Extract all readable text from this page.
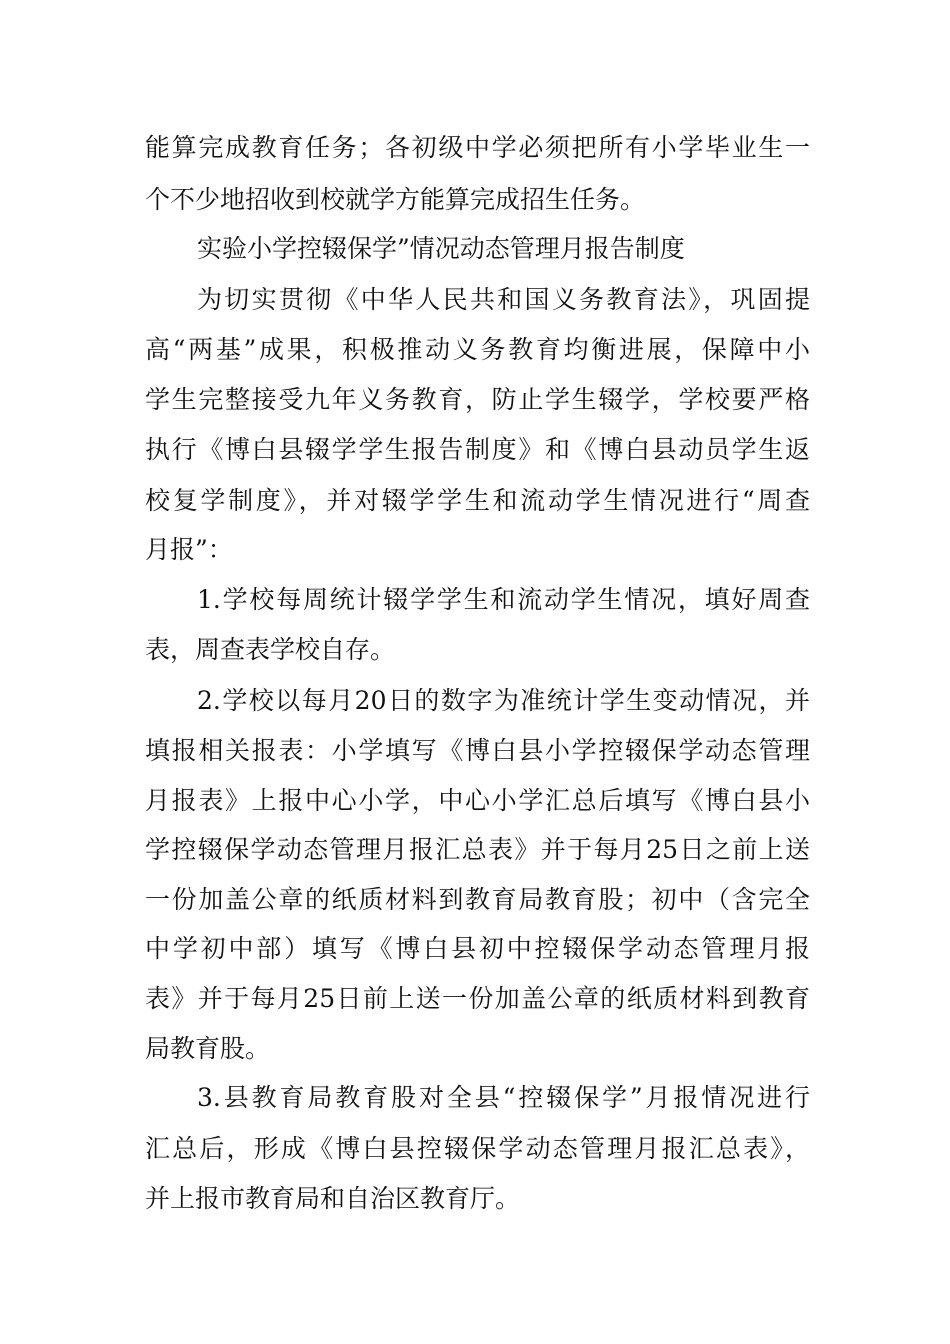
能算完成教育任务；各初级中学必须把所有小学毕业生一
个不少地招收到校就学方能算完成招生任务。
实验小学控辍保学”情况动态管理月报告制度
为切实贯彻《中华人民共和国义务教育法》，巩固提
高“两基”成果，积极推动义务教育均衡进展，保障中小
学生完整接受九年义务教育，防止学生辍学，学校要严格
执行《博白县辍学学生报告制度》和《博白县动员学生返
校复学制度》，并对辍学学生和流动学生情况进行“周查
月报”：
1.学校每周统计辍学学生和流动学生情况，填好周查
表，周查表学校自存。
2.学校以每月20日的数字为准统计学生变动情况，并
填报相关报表：小学填写《博白县小学控辍保学动态管理
月报表》上报中心小学，中心小学汇总后填写《博白县小
学控辍保学动态管理月报汇总表》并于每月25日之前上送
一份加盖公章的纸质材料到教育局教育股；初中（含完全
中学初中部）填写《博白县初中控辍保学动态管理月报
表》并于每月25日前上送一份加盖公章的纸质材料到教育
局教育股。
3.县教育局教育股对全县“控辍保学”月报情况进行
汇总后，形成《博白县控辍保学动态管理月报汇总表》，
并上报市教育局和自治区教育厅。
